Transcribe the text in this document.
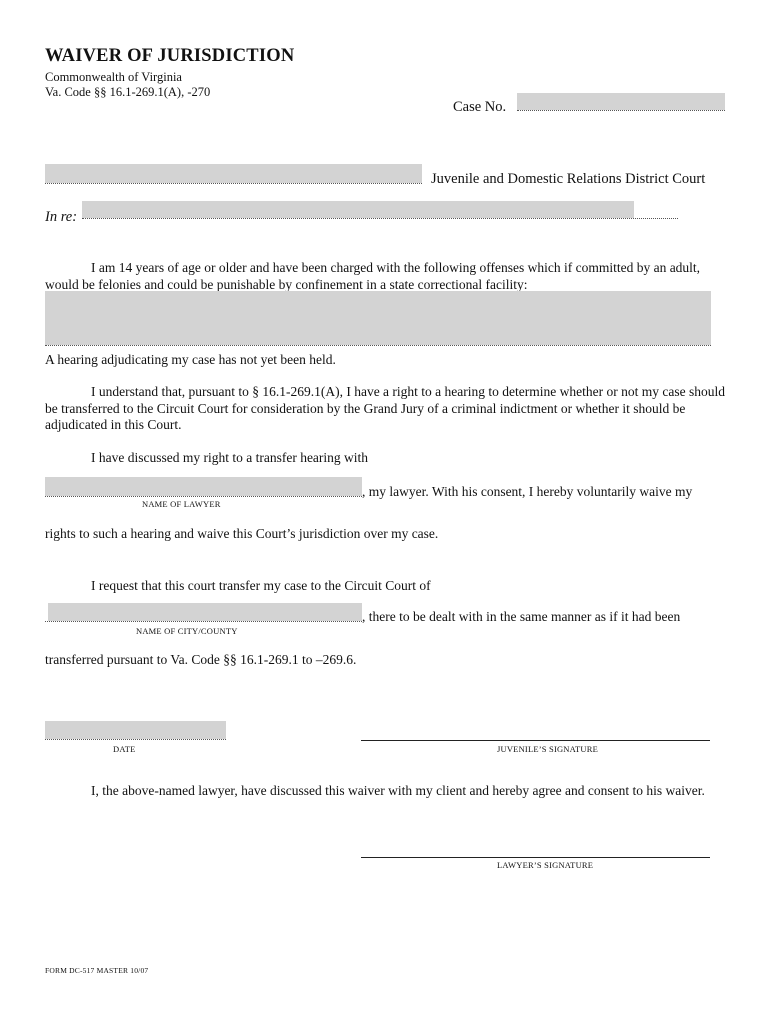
WAIVER OF JURISDICTION
Commonwealth of Virginia
Va. Code §§ 16.1-269.1(A), -270
Case No.
Juvenile and Domestic Relations District Court
In re:
I am 14 years of age or older and have been charged with the following offenses which if committed by an adult, would be felonies and could be punishable by confinement in a state correctional facility:
A hearing adjudicating my case has not yet been held.
I understand that, pursuant to § 16.1-269.1(A), I have a right to a hearing to determine whether or not my case should be transferred to the Circuit Court for consideration by the Grand Jury of a criminal indictment or whether it should be adjudicated in this Court.
I have discussed my right to a transfer hearing with
, my lawyer. With his consent, I hereby voluntarily waive my
NAME OF LAWYER
rights to such a hearing and waive this Court’s jurisdiction over my case.
I request that this court transfer my case to the Circuit Court of
, there to be dealt with in the same manner as if it had been
NAME OF CITY/COUNTY
transferred pursuant to Va. Code §§ 16.1-269.1 to –269.6.
DATE	JUVENILE’S SIGNATURE
I, the above-named lawyer, have discussed this waiver with my client and hereby agree and consent to his waiver.
LAWYER’S SIGNATURE
FORM DC-517 MASTER 10/07
